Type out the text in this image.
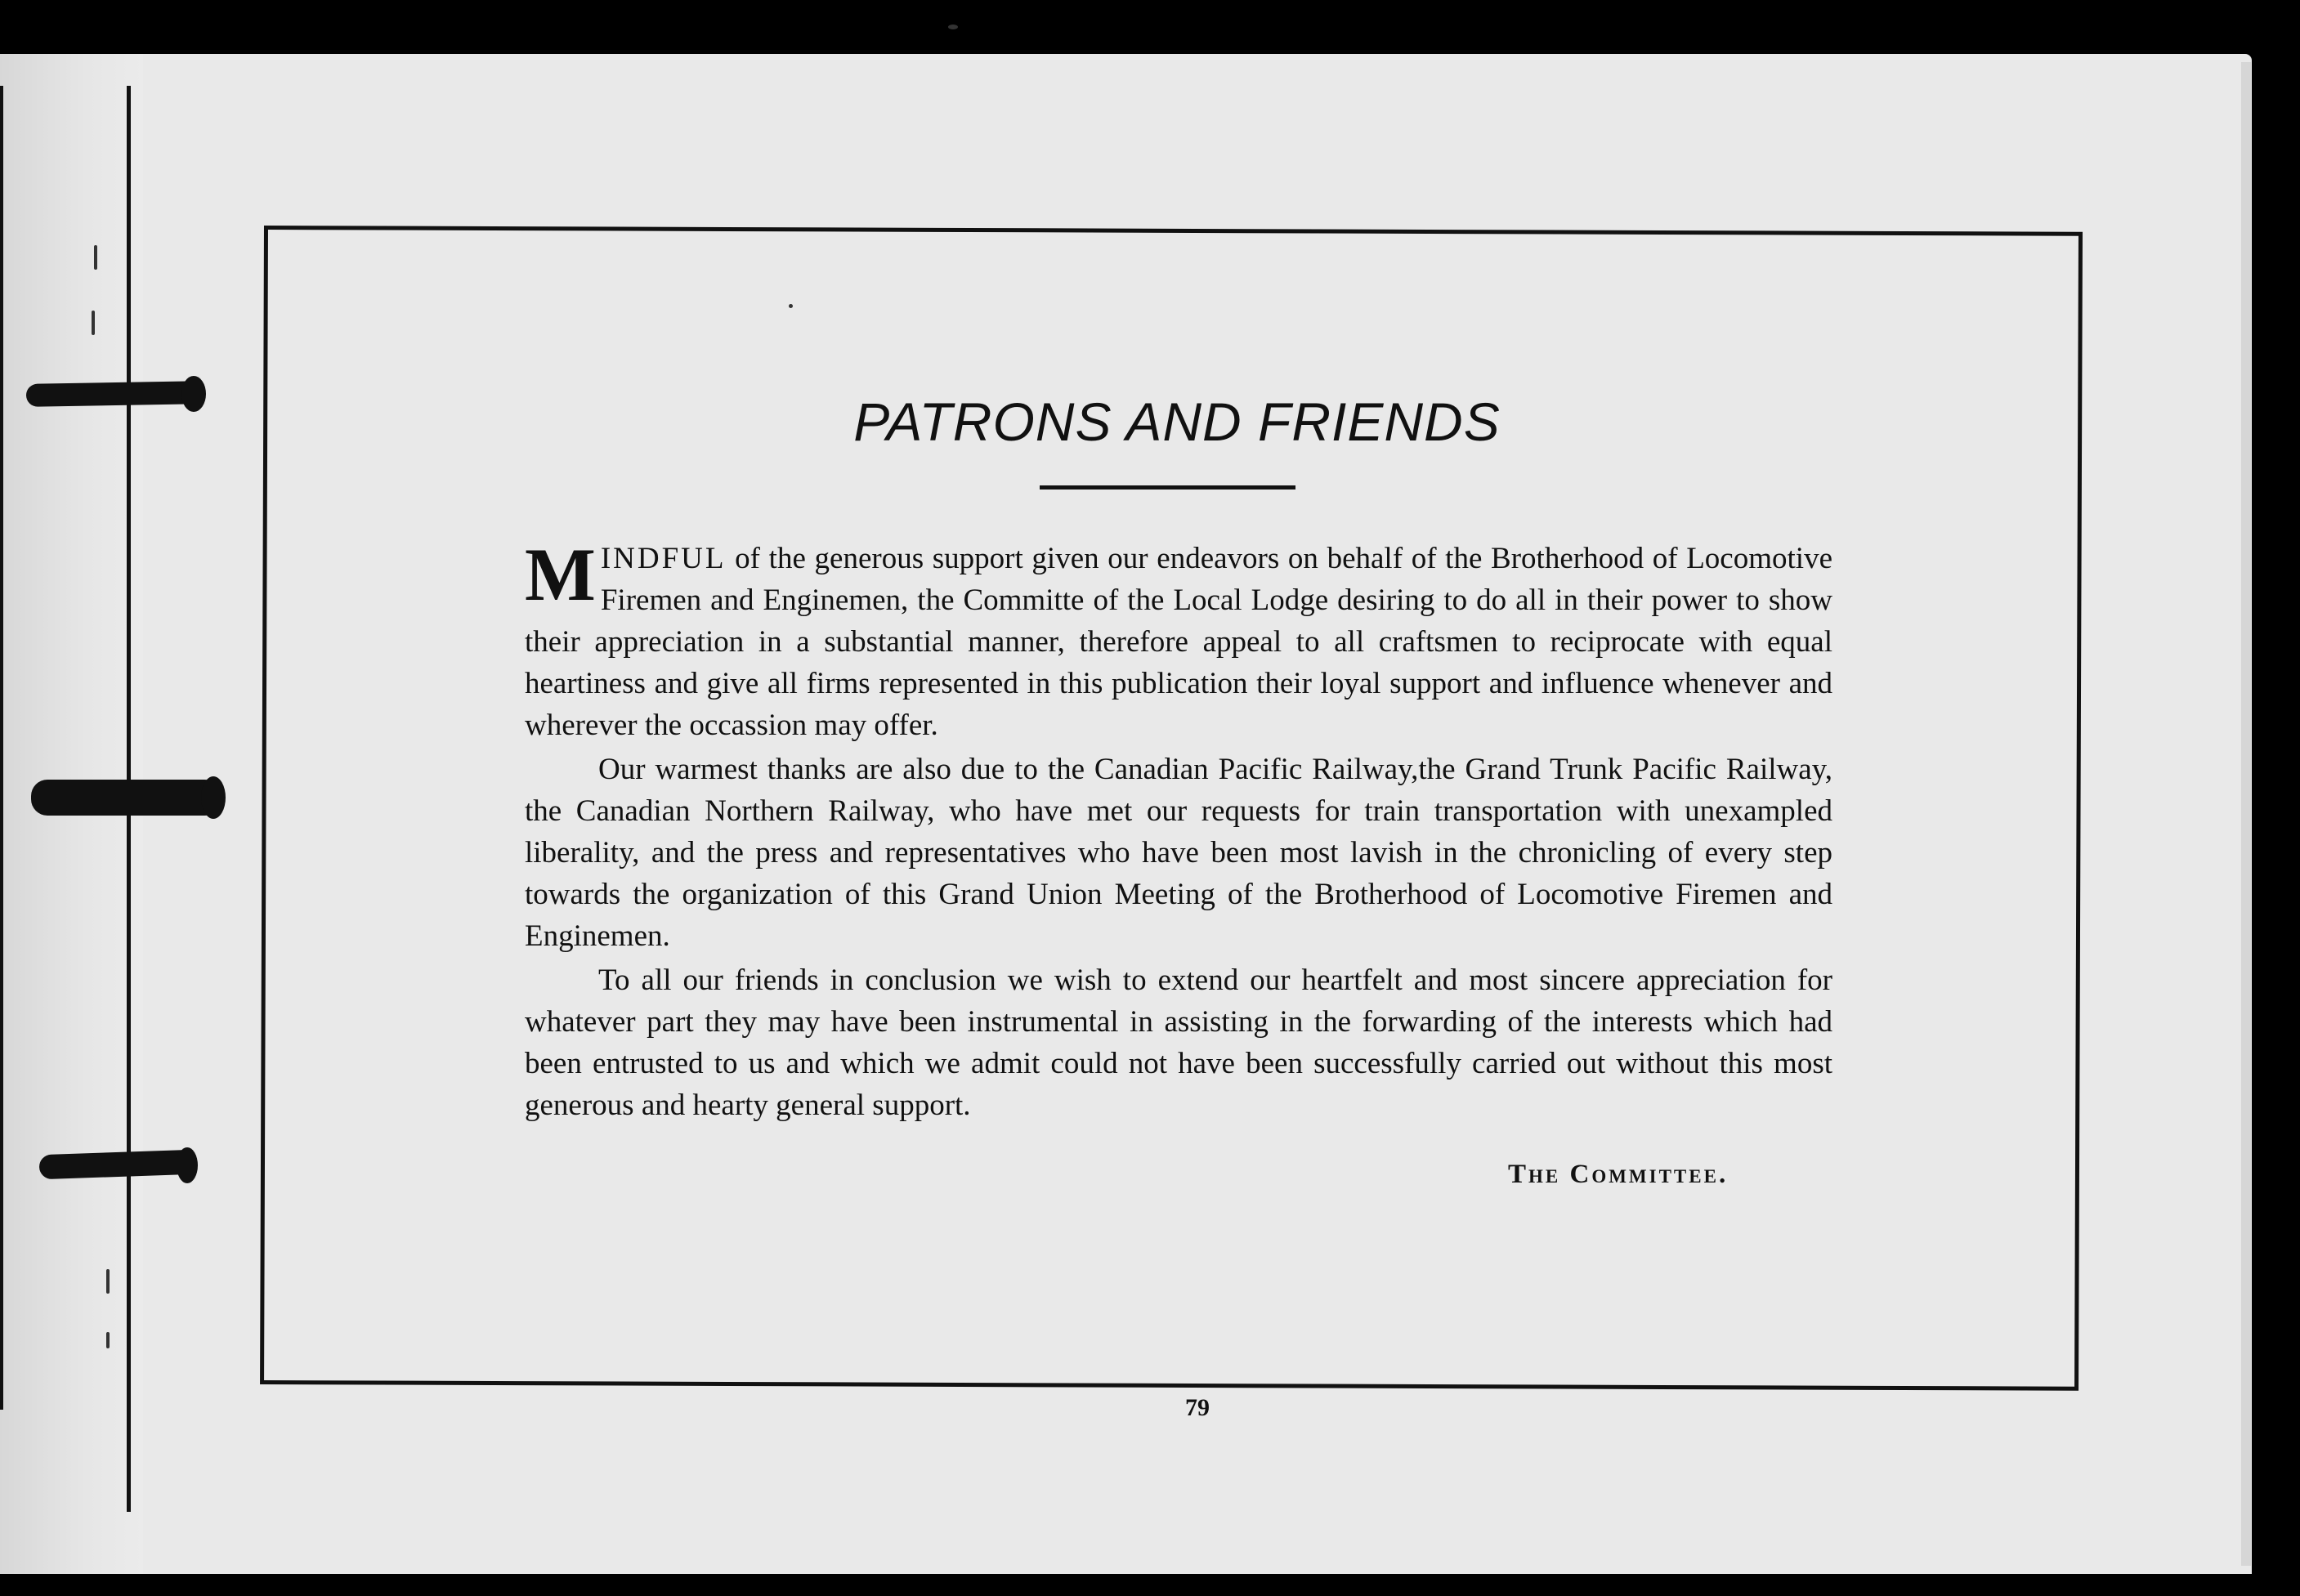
PATRONS AND FRIENDS

MINDFUL of the generous support given our endeavors on behalf of the Brotherhood of Locomotive Firemen and Enginemen, the Committe of the Local Lodge desiring to do all in their power to show their appreciation in a substantial manner, therefore appeal to all craftsmen to reciprocate with equal heartiness and give all firms represented in this publication their loyal support and influence whenever and wherever the occassion may offer.

Our warmest thanks are also due to the Canadian Pacific Railway,the Grand Trunk Pacific Railway, the Canadian Northern Railway, who have met our requests for train transportation with unexampled liberality, and the press and representatives who have been most lavish in the chronicling of every step towards the organization of this Grand Union Meeting of the Brotherhood of Locomotive Firemen and Enginemen.

To all our friends in conclusion we wish to extend our heartfelt and most sincere appreciation for whatever part they may have been instrumental in assisting in the forwarding of the interests which had been entrusted to us and which we admit could not have been successfully carried out without this most generous and hearty general support.

The Committee.
79
